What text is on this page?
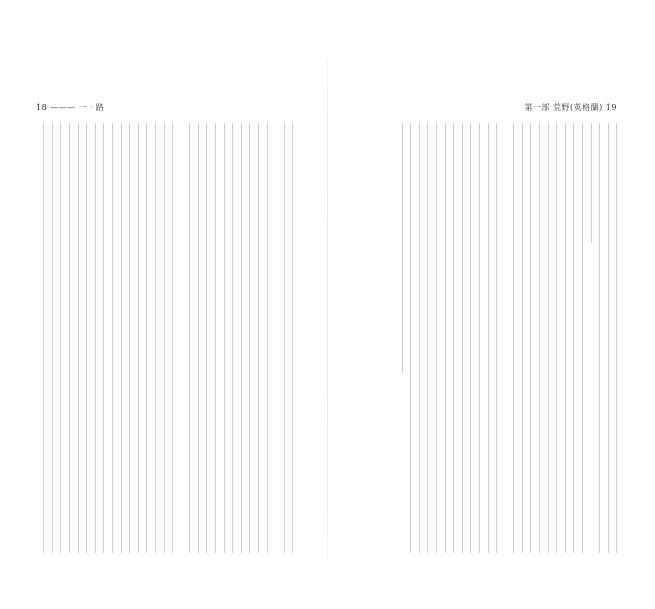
18 ——— 一‧路	第一部 荒野(英格蘭) 19
